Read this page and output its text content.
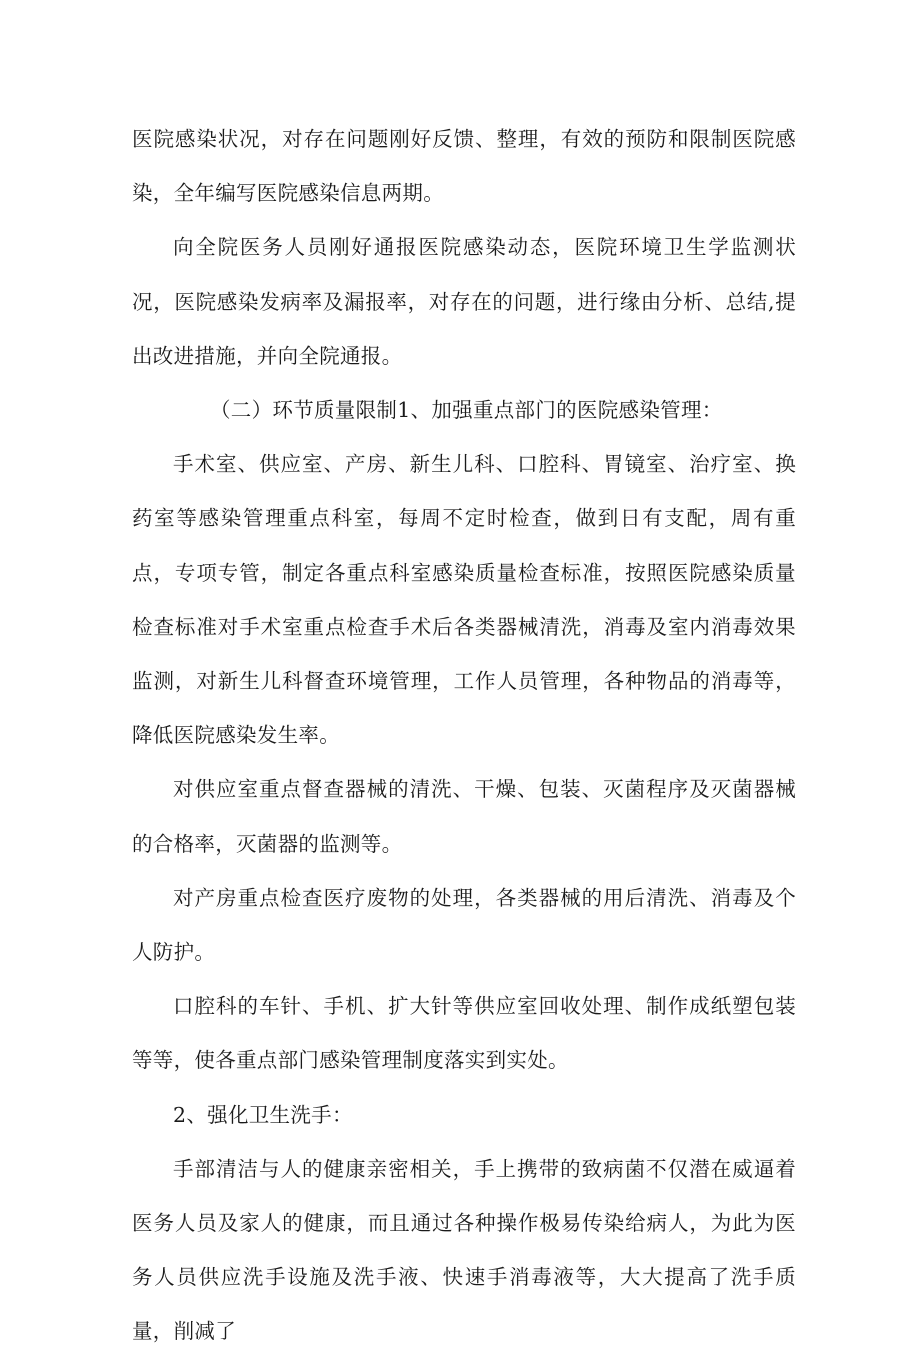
医院感染状况，对存在问题刚好反馈、整理，有效的预防和限制医院感染，全年编写医院感染信息两期。

向全院医务人员刚好通报医院感染动态，医院环境卫生学监测状况，医院感染发病率及漏报率，对存在的问题，进行缘由分析、总结,提出改进措施，并向全院通报。

（二）环节质量限制1、加强重点部门的医院感染管理：

手术室、供应室、产房、新生儿科、口腔科、胃镜室、治疗室、换药室等感染管理重点科室，每周不定时检查，做到日有支配，周有重点，专项专管，制定各重点科室感染质量检查标准，按照医院感染质量检查标准对手术室重点检查手术后各类器械清洗，消毒及室内消毒效果监测，对新生儿科督查环境管理，工作人员管理，各种物品的消毒等，降低医院感染发生率。

对供应室重点督查器械的清洗、干燥、包装、灭菌程序及灭菌器械的合格率，灭菌器的监测等。

对产房重点检查医疗废物的处理，各类器械的用后清洗、消毒及个人防护。

口腔科的车针、手机、扩大针等供应室回收处理、制作成纸塑包装等等，使各重点部门感染管理制度落实到实处。

2、强化卫生洗手：

手部清洁与人的健康亲密相关，手上携带的致病菌不仅潜在威逼着医务人员及家人的健康，而且通过各种操作极易传染给病人，为此为医务人员供应洗手设施及洗手液、快速手消毒液等，大大提高了洗手质量，削减了
